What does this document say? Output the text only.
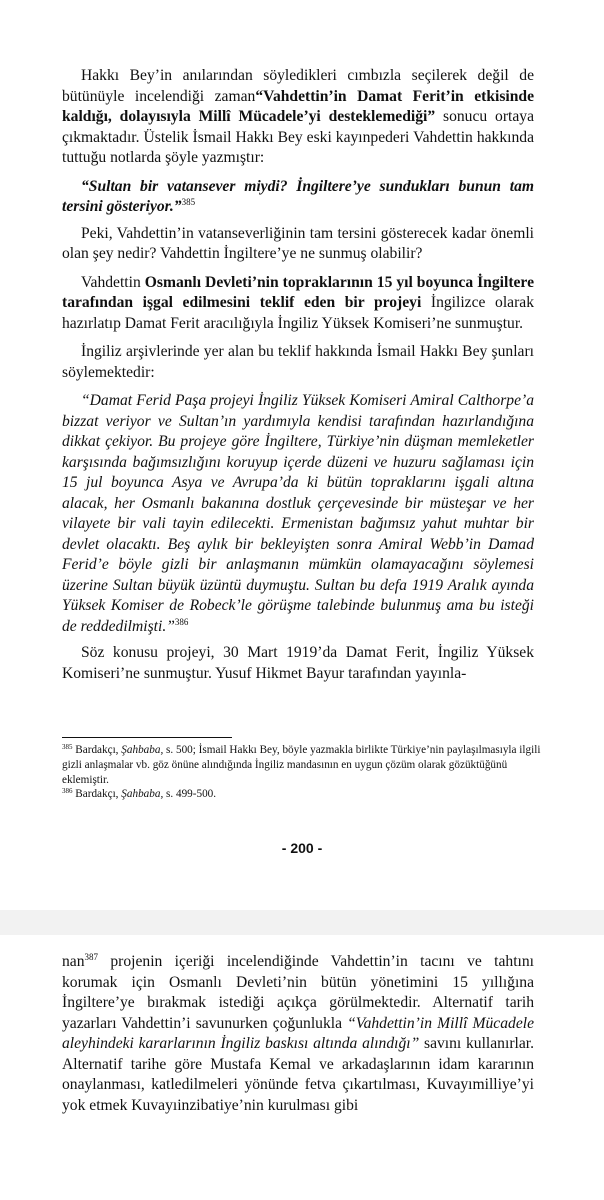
Hakkı Bey’in anılarından söyledikleri cımbızla seçilerek değil de bütünüyle incelendiği zaman“Vahdettin’in Damat Ferit’in etkisinde kaldığı, dolayısıyla Millî Mücadele’yi desteklemediği” sonucu ortaya çıkmaktadır. Üstelik İsmail Hakkı Bey eski kayınpederi Vahdettin hakkında tuttuğu notlarda şöyle yazmıştır:

“Sultan bir vatansever miydi? İngiltere’ye sundukları bunun tam tersini gösteriyor.”$^{385}$

Peki, Vahdettin’in vatanseverliğinin tam tersini gösterecek kadar önemli olan şey nedir? Vahdettin İngiltere’ye ne sunmuş olabilir?

Vahdettin Osmanlı Devleti’nin topraklarının 15 yıl boyunca İngiltere tarafından işgal edilmesini teklif eden bir projeyi İngilizce olarak hazırlatıp Damat Ferit aracılığıyla İngiliz Yüksek Komiseri’ne sunmuştur.

İngiliz arşivlerinde yer alan bu teklif hakkında İsmail Hakkı Bey şunları söylemektedir:

“Damat Ferid Paşa projeyi İngiliz Yüksek Komiseri Amiral Calthorpe’a bizzat veriyor ve Sultan’ın yardımıyla kendisi tarafından hazırlandığına dikkat çekiyor. Bu projeye göre İngiltere, Türkiye’nin düşman memleketler karşısında bağımsızlığını koruyup içerde düzeni ve huzuru sağlaması için 15 jul boyunca Asya ve Avrupa’da ki bütün topraklarını işgali altına alacak, her Osmanlı bakanına dostluk çerçevesinde bir müsteşar ve her vilayete bir vali tayin edilecekti. Ermenistan bağımsız yahut muhtar bir devlet olacaktı. Beş aylık bir bekleyişten sonra Amiral Webb’in Damad Ferid’e böyle gizli bir anlaşmanın mümkün olamayacağını söylemesi üzerine Sultan büyük üzüntü duymuştu. Sultan bu defa 1919 Aralık ayında Yüksek Komiser de Robeck’le görüşme talebinde bulunmuş ama bu isteği de reddedilmişti.”$^{386}$

Söz konusu projeyi, 30 Mart 1919’da Damat Ferit, İngiliz Yüksek Komiseri’ne sunmuştur. Yusuf Hikmet Bayur tarafından yayınla-

$^{385}$ Bardakçı, Şahbaba, s. 500; İsmail Hakkı Bey, böyle yazmakla birlikte Türkiye’nin paylaşılmasıyla ilgili gizli anlaşmalar vb. göz önüne alındığında İngiliz mandasının en uygun çözüm olarak gözüktüğünü eklemiştir.
$^{386}$ Bardakçı, Şahbaba, s. 499-500.
- 200 -

nan$^{387}$ projenin içeriği incelendiğinde Vahdettin’in tacını ve tahtını korumak için Osmanlı Devleti’nin bütün yönetimini 15 yıllığına İngiltere’ye bırakmak istediği açıkça görülmektedir. Alternatif tarih yazarları Vahdettin’i savunurken çoğunlukla “Vahdettin’in Millî Mücadele aleyhindeki kararlarının İngiliz baskısı altında alındığı” savını kullanırlar. Alternatif tarihe göre Mustafa Kemal ve arkadaşlarının idam kararının onaylanması, katledilmeleri yönünde fetva çıkartılması, Kuvayımilliye’yi yok etmek Kuvayıinzibatiye’nin kurulması gibi
